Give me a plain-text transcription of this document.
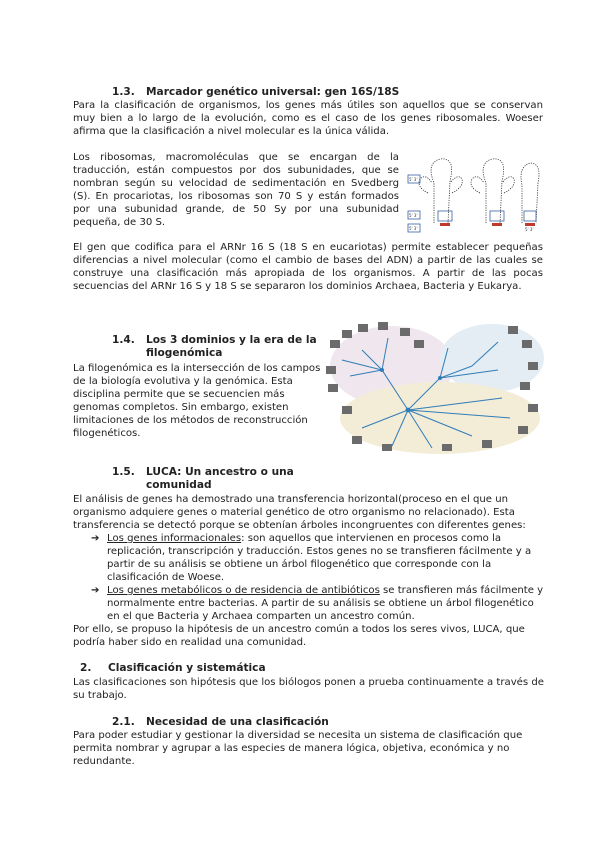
1.3. Marcador genético universal: gen 16S/18S

Para la clasificación de organismos, los genes más útiles son aquellos que se conservan muy bien a lo largo de la evolución, como es el caso de los genes ribosomales. Woeser afirma que la clasificación a nivel molecular es la única válida.

Los ribosomas, macromoléculas que se encargan de la traducción, están compuestos por dos subunidades, que se nombran según su velocidad de sedimentación en Svedberg (S). En procariotas, los ribosomas son 70 S y están formados por una subunidad grande, de 50 Sy por una subunidad pequeña, de 30 S.

5' 3'
5' 3'
5' 3'	5' 3'

El gen que codifica para el ARNr 16 S (18 S en eucariotas) permite establecer pequeñas diferencias a nivel molecular (como el cambio de bases del ADN) a partir de las cuales se construye una clasificación más apropiada de los organismos. A partir de las pocas secuencias del ARNr 16 S y 18 S se separaron los dominios Archaea, Bacteria y Eukarya.

1.4.	Los 3 dominios y la era de la filogenómica

La filogenómica es la intersección de los campos de la biología evolutiva y la genómica. Esta disciplina permite que se secuencien más genomas completos. Sin embargo, existen limitaciones de los métodos de reconstrucción filogenéticos.

1.5.	LUCA: Un ancestro o una comunidad

El análisis de genes ha demostrado una transferencia horizontal(proceso en el que un organismo adquiere genes o material genético de otro organismo no relacionado). Esta transferencia se detectó porque se obtenían árboles incongruentes con diferentes genes:

➔ Los genes informacionales: son aquellos que intervienen en procesos como la replicación, transcripción y traducción. Estos genes no se transfieren fácilmente y a partir de su análisis se obtiene un árbol filogenético que corresponde con la clasificación de Woese.
➔ Los genes metabólicos o de residencia de antibióticos se transfieren más fácilmente y normalmente entre bacterias. A partir de su análisis se obtiene un árbol filogenético en el que Bacteria y Archaea comparten un ancestro común.

Por ello, se propuso la hipótesis de un ancestro común a todos los seres vivos, LUCA, que podría haber sido en realidad una comunidad.

2. Clasificación y sistemática

Las clasificaciones son hipótesis que los biólogos ponen a prueba continuamente a través de su trabajo.

2.1. Necesidad de una clasificación

Para poder estudiar y gestionar la diversidad se necesita un sistema de clasificación que permita nombrar y agrupar a las especies de manera lógica, objetiva, económica y no redundante.
